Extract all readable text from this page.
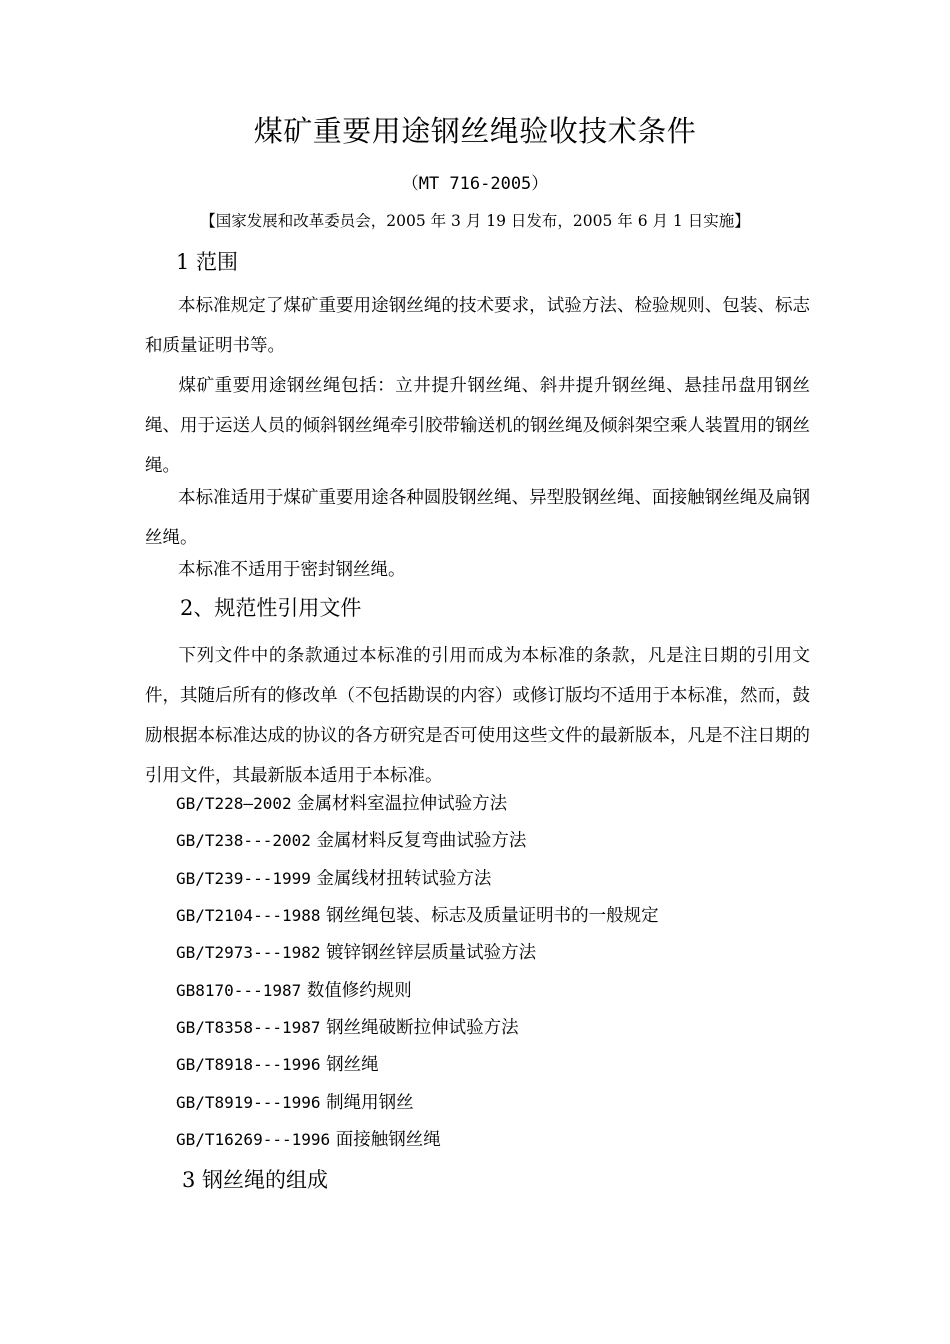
煤矿重要用途钢丝绳验收技术条件
（MT 716-2005）
【国家发展和改革委员会，2005 年 3 月 19 日发布，2005 年 6 月 1 日实施】
1 范围
本标准规定了煤矿重要用途钢丝绳的技术要求，试验方法、检验规则、包装、标志和质量证明书等。
煤矿重要用途钢丝绳包括：立井提升钢丝绳、斜井提升钢丝绳、悬挂吊盘用钢丝绳、用于运送人员的倾斜钢丝绳牵引胶带输送机的钢丝绳及倾斜架空乘人装置用的钢丝绳。
本标准适用于煤矿重要用途各种圆股钢丝绳、异型股钢丝绳、面接触钢丝绳及扁钢丝绳。
本标准不适用于密封钢丝绳。
2、规范性引用文件
下列文件中的条款通过本标准的引用而成为本标准的条款，凡是注日期的引用文件，其随后所有的修改单（不包括勘误的内容）或修订版均不适用于本标准，然而，鼓励根据本标准达成的协议的各方研究是否可使用这些文件的最新版本，凡是不注日期的引用文件，其最新版本适用于本标准。
GB/T228—2002 金属材料室温拉伸试验方法
GB/T238---2002 金属材料反复弯曲试验方法
GB/T239---1999 金属线材扭转试验方法
GB/T2104---1988 钢丝绳包装、标志及质量证明书的一般规定
GB/T2973---1982 镀锌钢丝锌层质量试验方法
GB8170---1987 数值修约规则
GB/T8358---1987 钢丝绳破断拉伸试验方法
GB/T8918---1996 钢丝绳
GB/T8919---1996 制绳用钢丝
GB/T16269---1996 面接触钢丝绳
3 钢丝绳的组成
